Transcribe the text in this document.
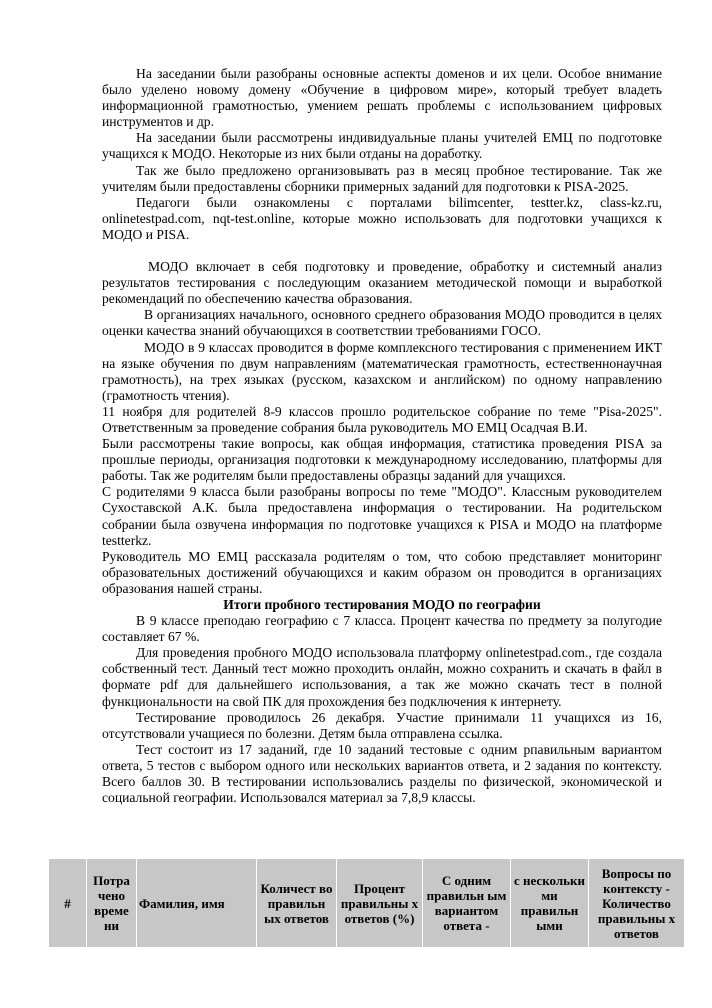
На заседании были разобраны основные аспекты доменов и их цели. Особое внимание было уделено новому домену «Обучение в цифровом мире», который требует владеть информационной грамотностью, умением решать проблемы с использованием цифровых инструментов и др.

На заседании были рассмотрены индивидуальные планы учителей ЕМЦ по подготовке учащихся к МОДО. Некоторые из них были отданы на доработку.

Так же было предложено организовывать раз в месяц пробное тестирование. Так же учителям были предоставлены сборники примерных заданий для подготовки к PISA-2025.

Педагоги были ознакомлены с порталами bilimcenter, testter.kz, class-kz.ru, onlinetestpad.com, nqt-test.online, которые можно использовать для подготовки учащихся к МОДО и PISA.

МОДО включает в себя подготовку и проведение, обработку и системный анализ результатов тестирования с последующим оказанием методической помощи и выработкой рекомендаций по обеспечению качества образования.

В организациях начального, основного среднего образования МОДО проводится в целях оценки качества знаний обучающихся в соответствии требованиями ГОСО.

МОДО в 9 классах проводится в форме комплексного тестирования с применением ИКТ на языке обучения по двум направлениям (математическая грамотность, естественнонаучная грамотность), на трех языках (русском, казахском и английском) по одному направлению (грамотность чтения).

11 ноября для родителей 8-9 классов прошло родительское собрание по теме "Pisa-2025". Ответственным за проведение собрания была руководитель МО ЕМЦ Осадчая В.И.

Были рассмотрены такие вопросы, как общая информация, статистика проведения PISA за прошлые периоды, организация подготовки к международному исследованию, платформы для работы. Так же родителям были предоставлены образцы заданий для учащихся.

С родителями 9 класса были разобраны вопросы по теме "МОДО". Классным руководителем Сухоставской А.К. была предоставлена информация о тестировании. На родительском собрании была озвучена информация по подготовке учащихся к PISA и МОДО на платформе testterkz.

Руководитель МО ЕМЦ рассказала родителям о том, что собою представляет мониторинг образовательных достижений обучающихся и каким образом он проводится в организациях образования нашей страны.

Итоги пробного тестирования МОДО по географии

В 9 классе преподаю географию с 7 класса. Процент качества по предмету за полугодие составляет 67 %.

Для проведения пробного МОДО использовала платформу onlinetestpad.com., где создала собственный тест. Данный тест можно проходить онлайн, можно сохранить и скачать в файл в формате pdf для дальнейшего использования, а так же можно скачать тест в полной функциональности на свой ПК для прохождения без подключения к интернету.

Тестирование проводилось 26 декабря. Участие принимали 11 учащихся из 16, отсутствовали учащиеся по болезни. Детям была отправлена ссылка.

Тест состоит из 17 заданий, где 10 заданий тестовые с одним рпавильным вариантом ответа, 5 тестов с выбором одного или нескольких вариантов ответа, и 2 задания по контексту. Всего баллов 30. В тестировании использовались разделы по физической, экономической и социальной географии. Использовался материал за 7,8,9 классы.

#	Потра чено време ни	Фамилия, имя	Количест во правильн ых ответов	Процент правильны х ответов (%)	С одним правильн ым вариантом ответа -	с нескольки ми правильн ыми	Вопросы по контексту - Количество правильны х ответов
